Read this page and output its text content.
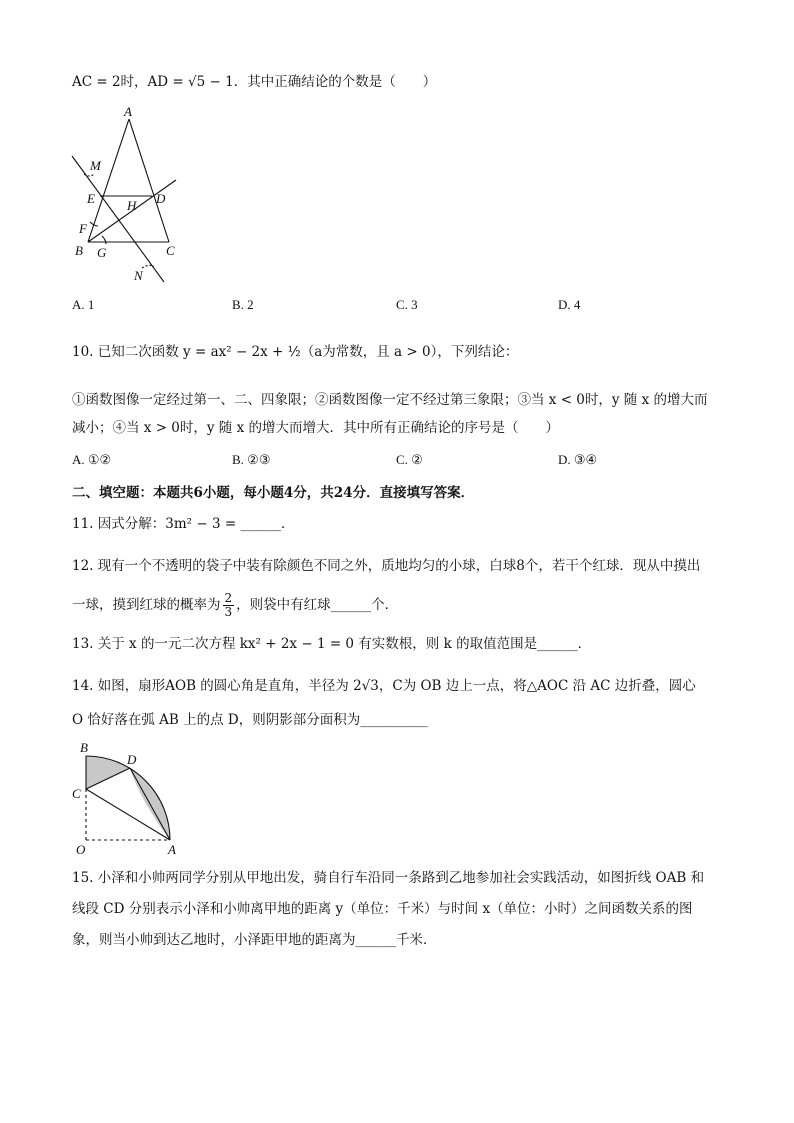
AC = 2时，AD = √5 − 1．其中正确结论的个数是（　　）
A
M
E	D
H
F
B G	C
N
A. 1	B. 2	C. 3	D. 4
10. 已知二次函数 y = ax² − 2x + ½（a为常数，且 a > 0），下列结论：
①函数图像一定经过第一、二、四象限；②函数图像一定不经过第三象限；③当 x < 0时，y 随 x 的增大而
减小；④当 x > 0时，y 随 x 的增大而增大．其中所有正确结论的序号是（　　）
A. ①②	B. ②③	C. ②	D. ③④
二、填空题：本题共6小题，每小题4分，共24分．直接填写答案．
11. 因式分解：3m² − 3 = ______．
12. 现有一个不透明的袋子中装有除颜色不同之外，质地均匀的小球，白球8个，若干个红球．现从中摸出
一球，摸到红球的概率为 $\frac{2}{3}$ ，则袋中有红球______个．
13. 关于 x 的一元二次方程 kx² + 2x − 1 = 0 有实数根，则 k 的取值范围是______．
14. 如图，扇形AOB 的圆心角是直角，半径为 2√3，C为 OB 边上一点，将△AOC 沿 AC 边折叠，圆心
O 恰好落在弧 AB 上的点 D，则阴影部分面积为__________
B
D
C
O	A
15. 小泽和小帅两同学分别从甲地出发，骑自行车沿同一条路到乙地参加社会实践活动，如图折线 OAB 和
线段 CD 分别表示小泽和小帅离甲地的距离 y（单位：千米）与时间 x（单位：小时）之间函数关系的图
象，则当小帅到达乙地时，小泽距甲地的距离为______千米．
